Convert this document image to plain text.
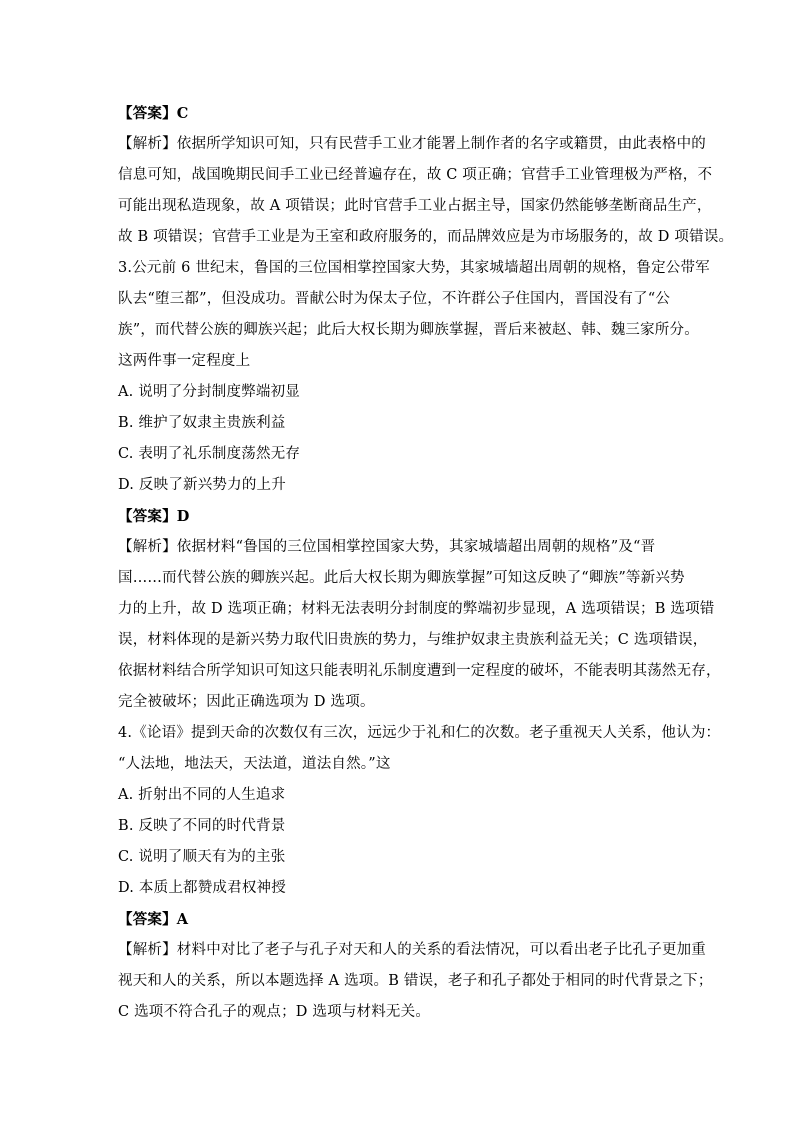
【答案】C
【解析】依据所学知识可知，只有民营手工业才能署上制作者的名字或籍贯，由此表格中的
信息可知，战国晚期民间手工业已经普遍存在，故 C 项正确；官营手工业管理极为严格，不
可能出现私造现象，故 A 项错误；此时官营手工业占据主导，国家仍然能够垄断商品生产，
故 B 项错误；官营手工业是为王室和政府服务的，而品牌效应是为市场服务的，故 D 项错误。
3.公元前 6 世纪末，鲁国的三位国相掌控国家大势，其家城墙超出周朝的规格，鲁定公带军
队去“堕三都”，但没成功。晋献公时为保太子位，不许群公子住国内，晋国没有了“公
族”，而代替公族的卿族兴起；此后大权长期为卿族掌握，晋后来被赵、韩、魏三家所分。
这两件事一定程度上
A. 说明了分封制度弊端初显
B. 维护了奴隶主贵族利益
C. 表明了礼乐制度荡然无存
D. 反映了新兴势力的上升
【答案】D
【解析】依据材料“鲁国的三位国相掌控国家大势，其家城墙超出周朝的规格”及“晋
国……而代替公族的卿族兴起。此后大权长期为卿族掌握”可知这反映了“卿族”等新兴势
力的上升，故 D 选项正确；材料无法表明分封制度的弊端初步显现，A 选项错误；B 选项错
误，材料体现的是新兴势力取代旧贵族的势力，与维护奴隶主贵族利益无关；C 选项错误，
依据材料结合所学知识可知这只能表明礼乐制度遭到一定程度的破坏，不能表明其荡然无存，
完全被破坏；因此正确选项为 D 选项。
4.《论语》提到天命的次数仅有三次，远远少于礼和仁的次数。老子重视天人关系，他认为：
“人法地，地法天，天法道，道法自然。”这
A. 折射出不同的人生追求
B. 反映了不同的时代背景
C. 说明了顺天有为的主张
D. 本质上都赞成君权神授
【答案】A
【解析】材料中对比了老子与孔子对天和人的关系的看法情况，可以看出老子比孔子更加重
视天和人的关系，所以本题选择 A 选项。B 错误，老子和孔子都处于相同的时代背景之下；
C 选项不符合孔子的观点；D 选项与材料无关。
